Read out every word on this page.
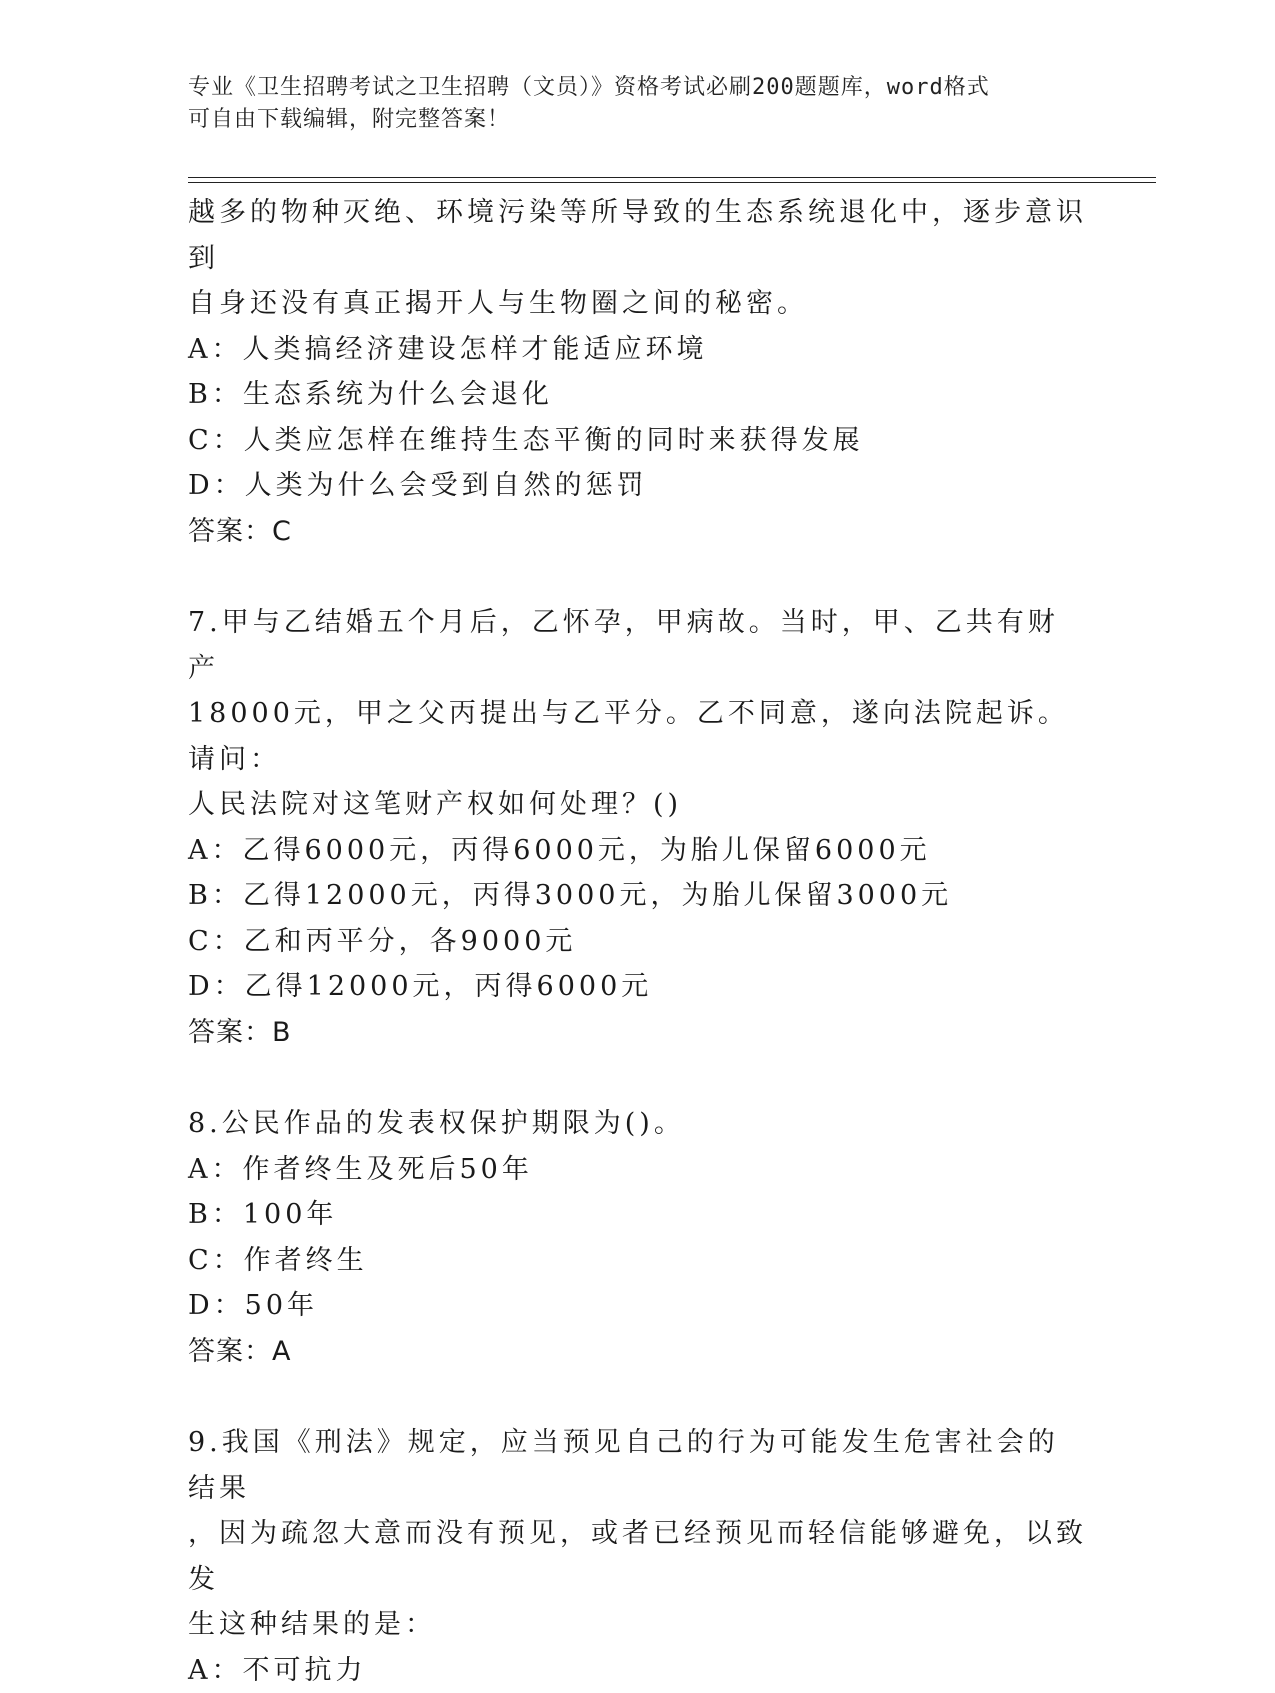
专业《卫生招聘考试之卫生招聘（文员）》资格考试必刷200题题库，word格式
可自由下载编辑，附完整答案！

越多的物种灭绝、环境污染等所导致的生态系统退化中，逐步意识到

自身还没有真正揭开人与生物圈之间的秘密。

A：人类搞经济建设怎样才能适应环境

B：生态系统为什么会退化

C：人类应怎样在维持生态平衡的同时来获得发展

D：人类为什么会受到自然的惩罚

答案：C

7.甲与乙结婚五个月后，乙怀孕，甲病故。当时，甲、乙共有财产

18000元，甲之父丙提出与乙平分。乙不同意，遂向法院起诉。请问：

人民法院对这笔财产权如何处理？()

A：乙得6000元，丙得6000元，为胎儿保留6000元

B：乙得12000元，丙得3000元，为胎儿保留3000元

C：乙和丙平分，各9000元

D：乙得12000元，丙得6000元

答案：B

8.公民作品的发表权保护期限为()。

A：作者终生及死后50年

B：100年

C：作者终生

D：50年

答案：A

9.我国《刑法》规定，应当预见自己的行为可能发生危害社会的结果

，因为疏忽大意而没有预见，或者已经预见而轻信能够避免，以致发

生这种结果的是：

A：不可抗力
